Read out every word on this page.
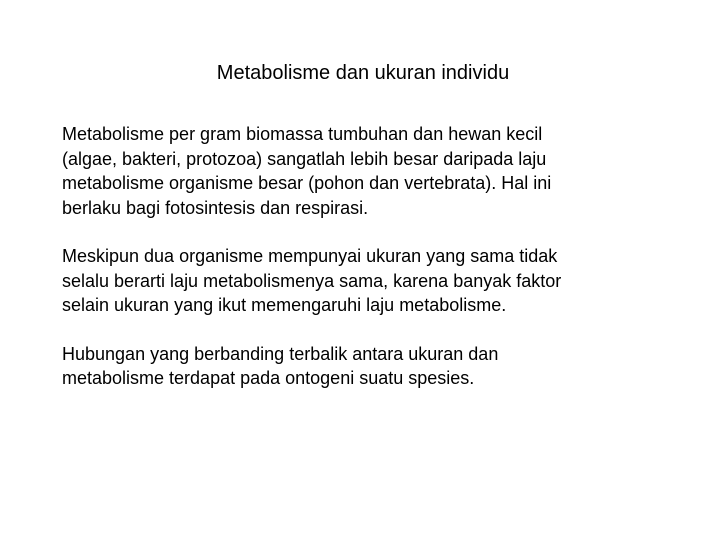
Metabolisme dan ukuran individu

Metabolisme per gram biomassa tumbuhan dan hewan kecil
(algae, bakteri, protozoa) sangatlah lebih besar daripada laju
metabolisme organisme besar (pohon dan vertebrata). Hal ini
berlaku bagi fotosintesis dan respirasi.

Meskipun dua organisme mempunyai ukuran yang sama tidak
selalu berarti laju metabolismenya sama, karena banyak faktor
selain ukuran yang ikut memengaruhi laju metabolisme.

Hubungan yang berbanding terbalik antara ukuran dan
metabolisme terdapat pada ontogeni suatu spesies.
